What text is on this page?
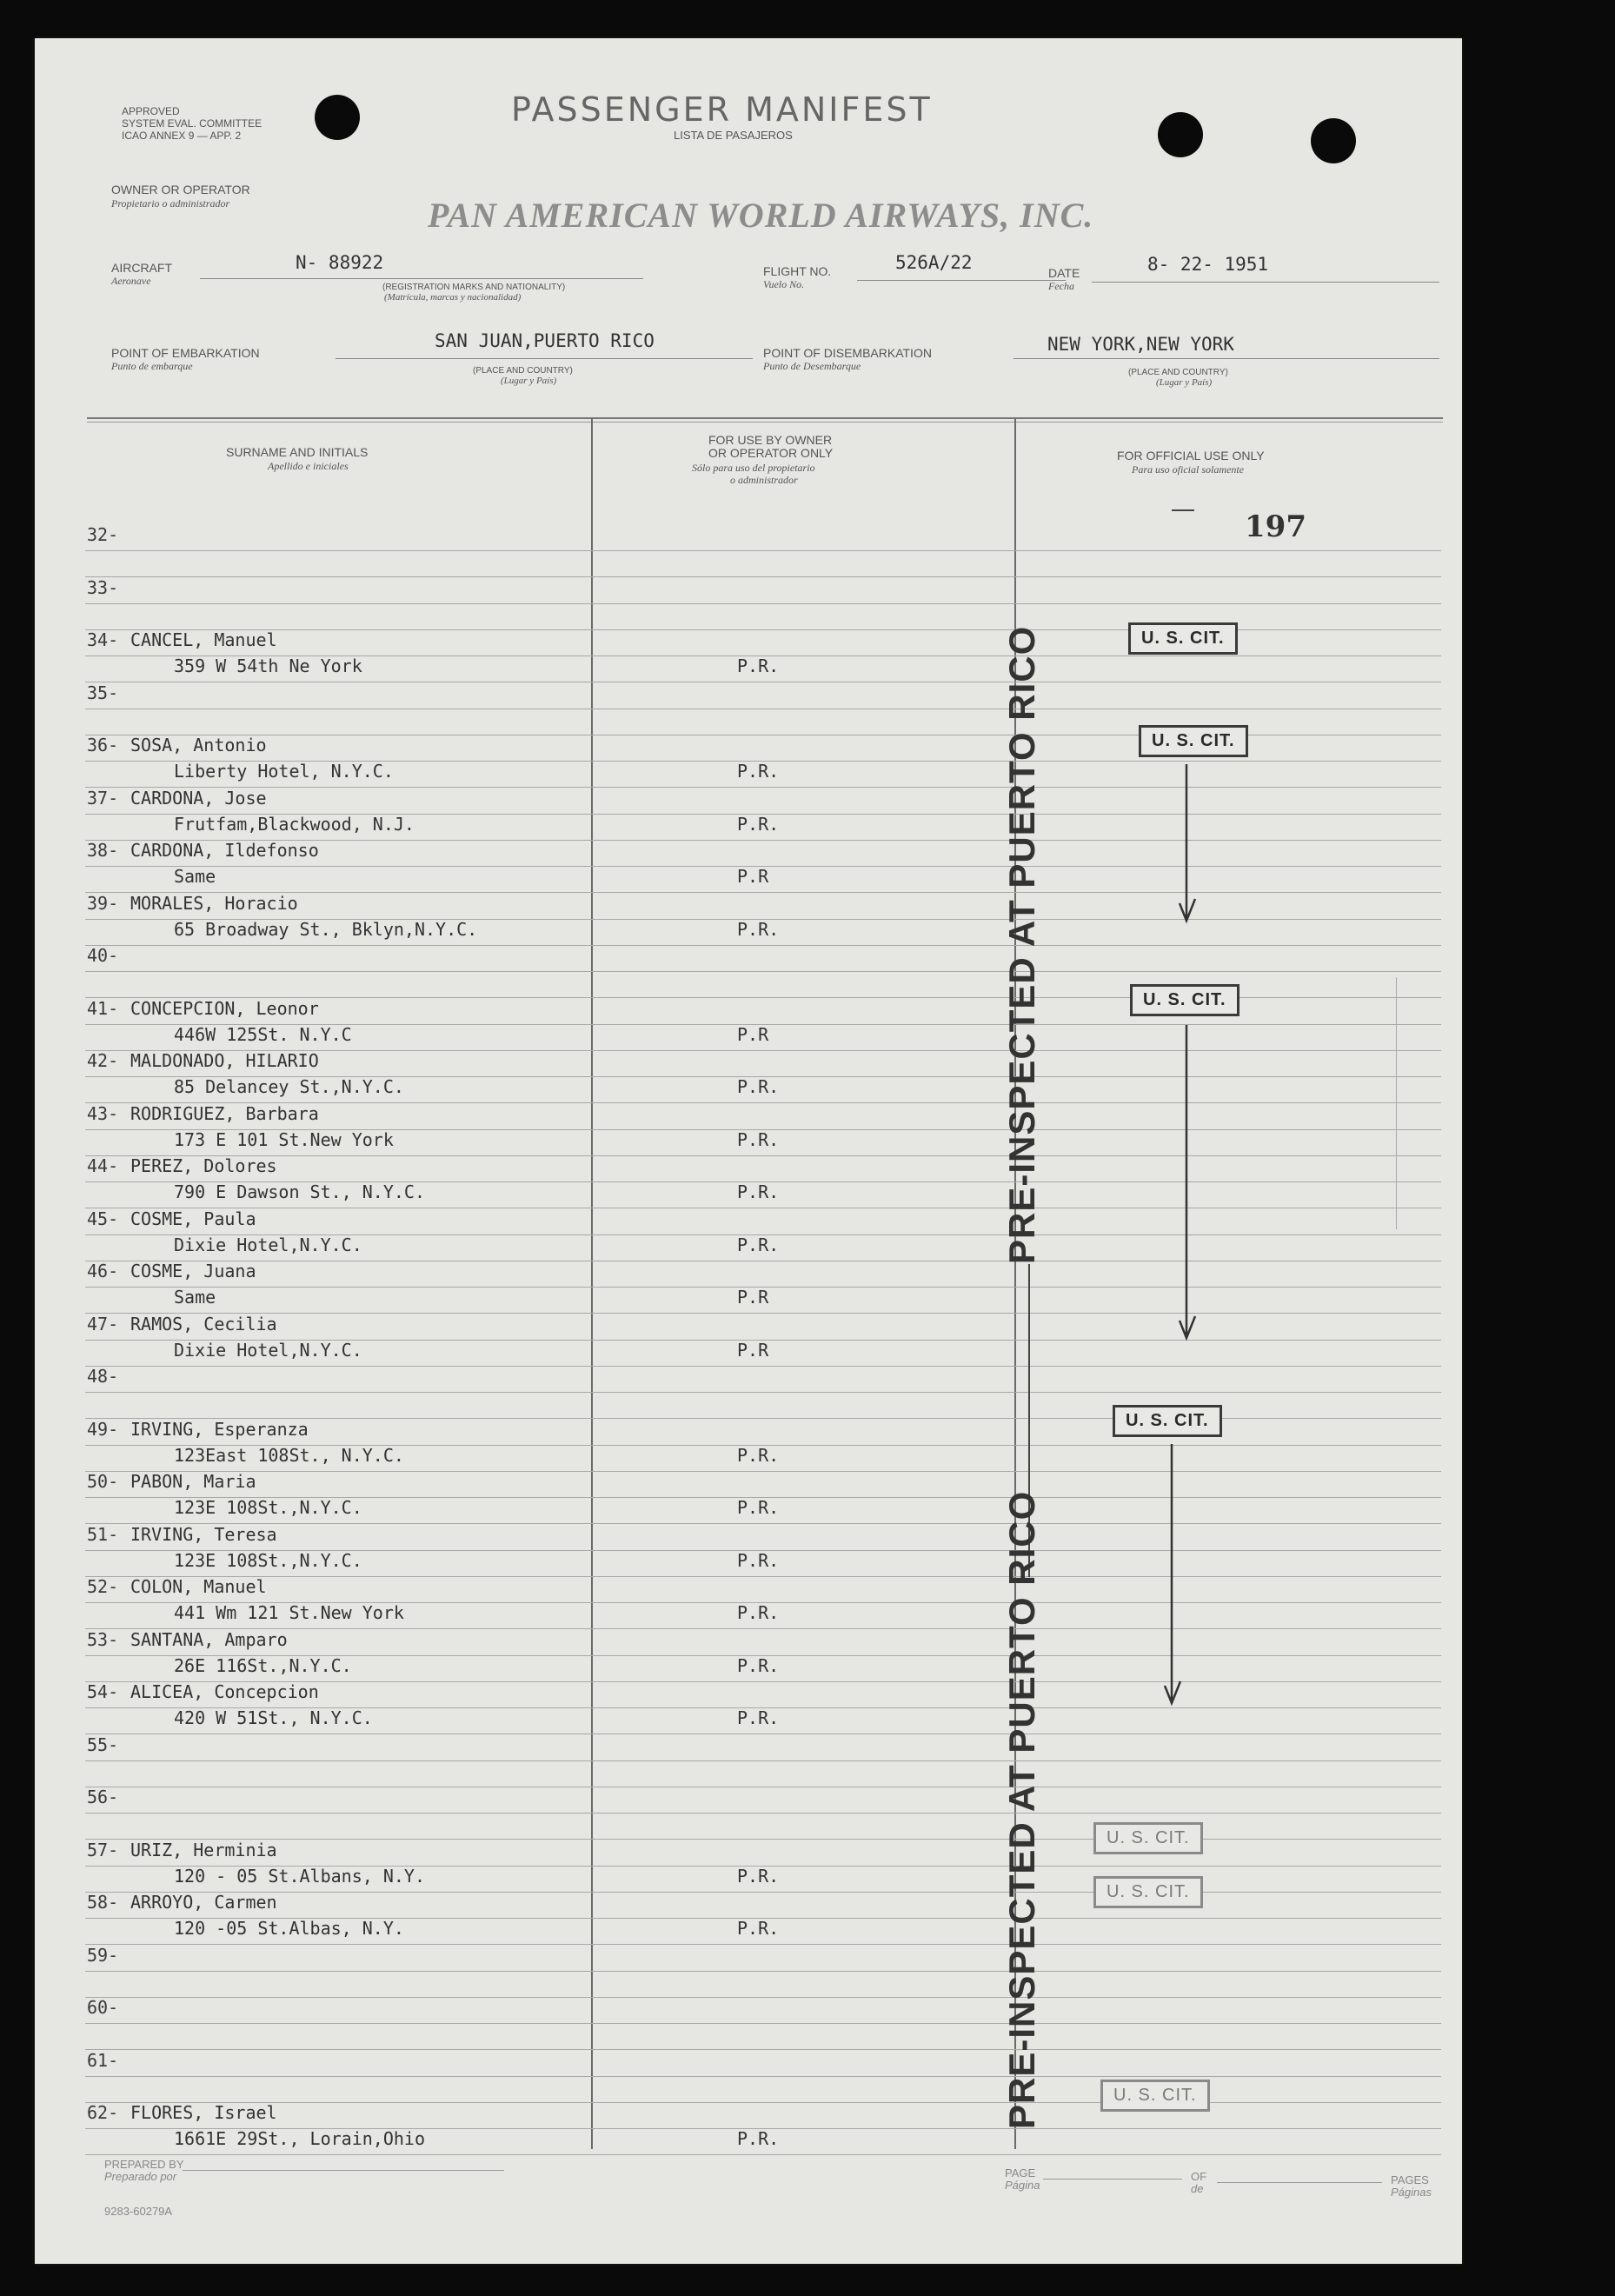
APPROVED
SYSTEM EVAL. COMMITTEE
ICAO ANNEX 9 — APP. 2
PASSENGER MANIFEST
LISTA DE PASAJEROS
OWNER OR OPERATOR
Propietario o administrador	PAN AMERICAN WORLD AIRWAYS, INC.
AIRCRAFT
Aeronave
N- 88922
(REGISTRATION MARKS AND NATIONALITY)
(Matrícula, marcas y nacionalidad)
FLIGHT NO.
Vuelo No.
526A/22	DATE
Fecha
8- 22- 1951
POINT OF EMBARKATION
Punto de embarque
SAN JUAN,PUERTO RICO
(PLACE AND COUNTRY)
(Lugar y País)
POINT OF DISEMBARKATION
Punto de Desembarque
NEW YORK,NEW YORK
(PLACE AND COUNTRY)
(Lugar y País)
SURNAME AND INITIALS
Apellido e iniciales
FOR USE BY OWNER
OR OPERATOR ONLY
Sólo para uso del propietario
o administrador
FOR OFFICIAL USE ONLY
Para uso oficial solamente
197
32-
33-
34- CANCEL, Manuel
359 W 54th Ne York	P.R.
35-
36- SOSA, Antonio
Liberty Hotel, N.Y.C.	P.R.
37- CARDONA, Jose
Frutfam,Blackwood, N.J.	P.R.
38- CARDONA, Ildefonso
Same	P.R
39- MORALES, Horacio
65 Broadway St., Bklyn,N.Y.C.	P.R.
40-
41- CONCEPCION, Leonor
446W 125St. N.Y.C	P.R
42- MALDONADO, HILARIO
85 Delancey St.,N.Y.C.	P.R.
43- RODRIGUEZ, Barbara
173 E 101 St.New York	P.R.
44- PEREZ, Dolores
790 E Dawson St., N.Y.C.	P.R.
45- COSME, Paula
Dixie Hotel,N.Y.C.	P.R.
46- COSME, Juana
Same	P.R
47- RAMOS, Cecilia
Dixie Hotel,N.Y.C.	P.R
48-
49- IRVING, Esperanza
123East 108St., N.Y.C.	P.R.
50- PABON, Maria
123E 108St.,N.Y.C.	P.R.
51- IRVING, Teresa
123E 108St.,N.Y.C.	P.R.
52- COLON, Manuel
441 Wm 121 St.New York	P.R.
53- SANTANA, Amparo
26E 116St.,N.Y.C.	P.R.
54- ALICEA, Concepcion
420 W 51St., N.Y.C.	P.R.
55-
56-
57- URIZ, Herminia
120 - 05 St.Albans, N.Y.	P.R.
58- ARROYO, Carmen
120 -05 St.Albas, N.Y.	P.R.
59-
60-
61-
62- FLORES, Israel
1661E 29St., Lorain,Ohio	P.R.
PRE-INSPECTED AT PUERTO RICO
PRE-INSPECTED AT PUERTO RICO
U. S. CIT.
U. S. CIT.
U. S. CIT.
U. S. CIT.
U. S. CIT.
U. S. CIT.
U. S. CIT.
PREPARED BY
Preparado por
9283-60279A
PAGE
Página
OF
de
PAGES
Páginas
